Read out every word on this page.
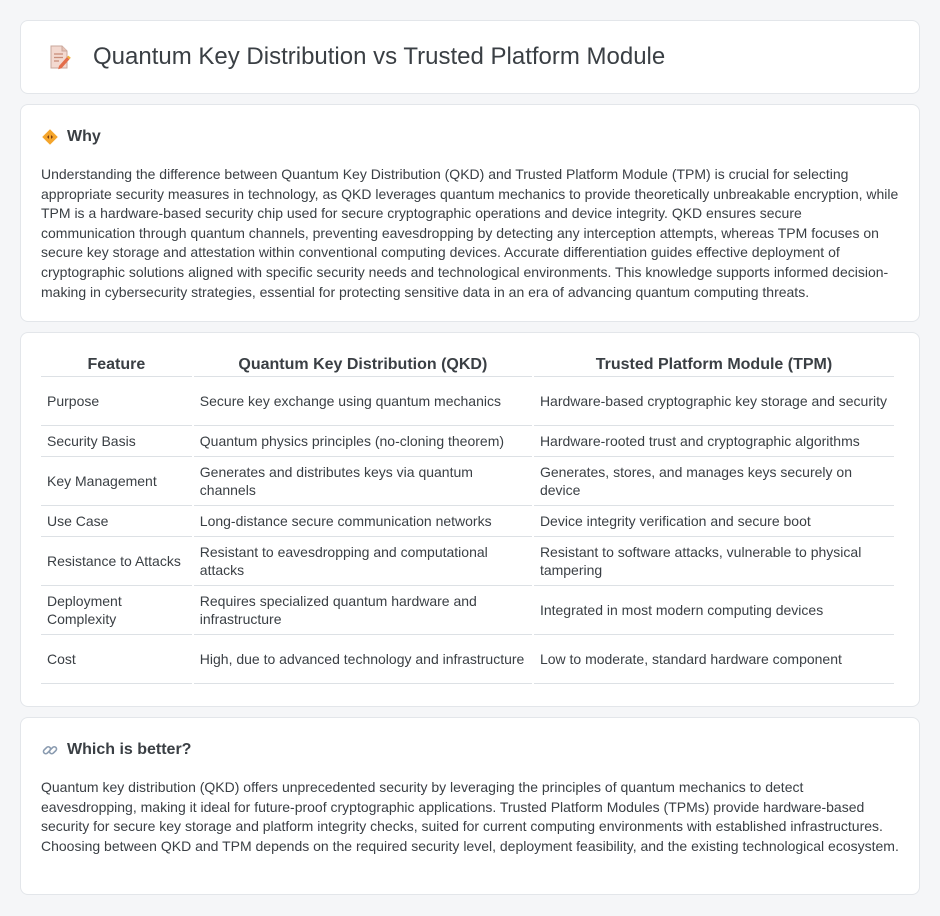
Quantum Key Distribution vs Trusted Platform Module
Why

Understanding the difference between Quantum Key Distribution (QKD) and Trusted Platform Module (TPM) is crucial for selecting appropriate security measures in technology, as QKD leverages quantum mechanics to provide theoretically unbreakable encryption, while TPM is a hardware-based security chip used for secure cryptographic operations and device integrity. QKD ensures secure communication through quantum channels, preventing eavesdropping by detecting any interception attempts, whereas TPM focuses on secure key storage and attestation within conventional computing devices. Accurate differentiation guides effective deployment of cryptographic solutions aligned with specific security needs and technological environments. This knowledge supports informed decision-making in cybersecurity strategies, essential for protecting sensitive data in an era of advancing quantum computing threats.

Feature	Quantum Key Distribution (QKD)	Trusted Platform Module (TPM)
Purpose	Secure key exchange using quantum mechanics	Hardware-based cryptographic key storage and security
Security Basis	Quantum physics principles (no-cloning theorem)	Hardware-rooted trust and cryptographic algorithms
Key Management	Generates and distributes keys via quantum channels	Generates, stores, and manages keys securely on device
Use Case	Long-distance secure communication networks	Device integrity verification and secure boot
Resistance to Attacks	Resistant to eavesdropping and computational attacks	Resistant to software attacks, vulnerable to physical tampering
Deployment Complexity	Requires specialized quantum hardware and infrastructure	Integrated in most modern computing devices
Cost	High, due to advanced technology and infrastructure	Low to moderate, standard hardware component
Which is better?

Quantum key distribution (QKD) offers unprecedented security by leveraging the principles of quantum mechanics to detect eavesdropping, making it ideal for future-proof cryptographic applications. Trusted Platform Modules (TPMs) provide hardware-based security for secure key storage and platform integrity checks, suited for current computing environments with established infrastructures. Choosing between QKD and TPM depends on the required security level, deployment feasibility, and the existing technological ecosystem.
